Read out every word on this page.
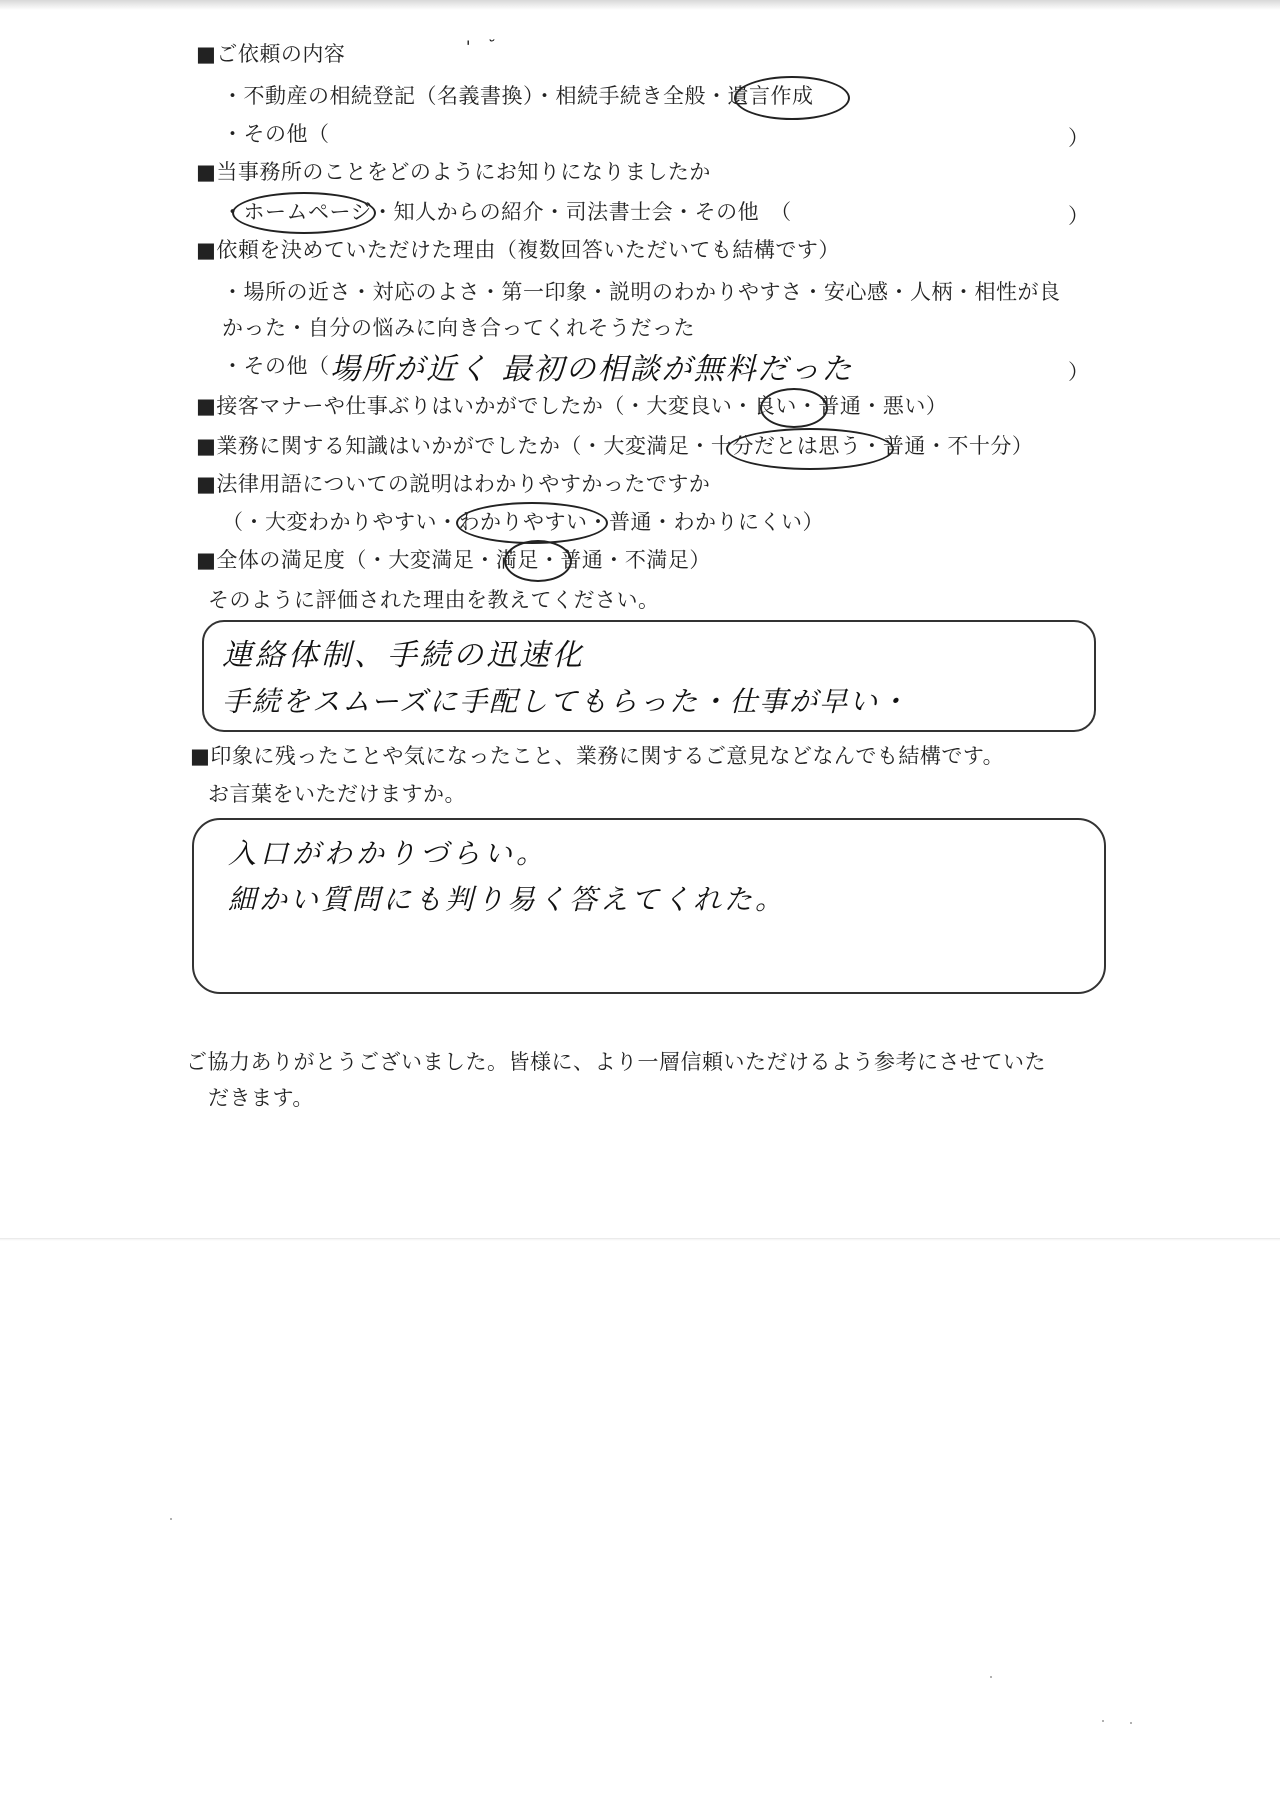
'　˘
■ ご依頼の内容
・不動産の相続登記（名義書換）・相続手続き全般・遺言作成
・その他（	）
■ 当事務所のことをどのようにお知りになりましたか
・ホームページ・知人からの紹介・司法書士会・その他　（	）
■ 依頼を決めていただけた理由（複数回答いただいても結構です）
・場所の近さ・対応のよさ・第一印象・説明のわかりやすさ・安心感・人柄・相性が良
かった・自分の悩みに向き合ってくれそうだった
・その他（ 場所が近く 最初の相談が無料だった	）
■ 接客マナーや仕事ぶりはいかがでしたか（・大変良い・良い・普通・悪い）
■ 業務に関する知識はいかがでしたか（・大変満足・十分だとは思う・普通・不十分）
■ 法律用語についての説明はわかりやすかったですか
（・大変わかりやすい・わかりやすい・普通・わかりにくい）
■ 全体の満足度（・大変満足・満足・普通・不満足）
そのように評価された理由を教えてください。
連絡体制、手続の迅速化
手続をスムーズに手配してもらった・仕事が早い・
■ 印象に残ったことや気になったこと、業務に関するご意見などなんでも結構です。
お言葉をいただけますか。
入口がわかりづらい。
細かい質問にも判り易く答えてくれた。
ご協力ありがとうございました。皆様に、より一層信頼いただけるよう参考にさせていた
だきます。
